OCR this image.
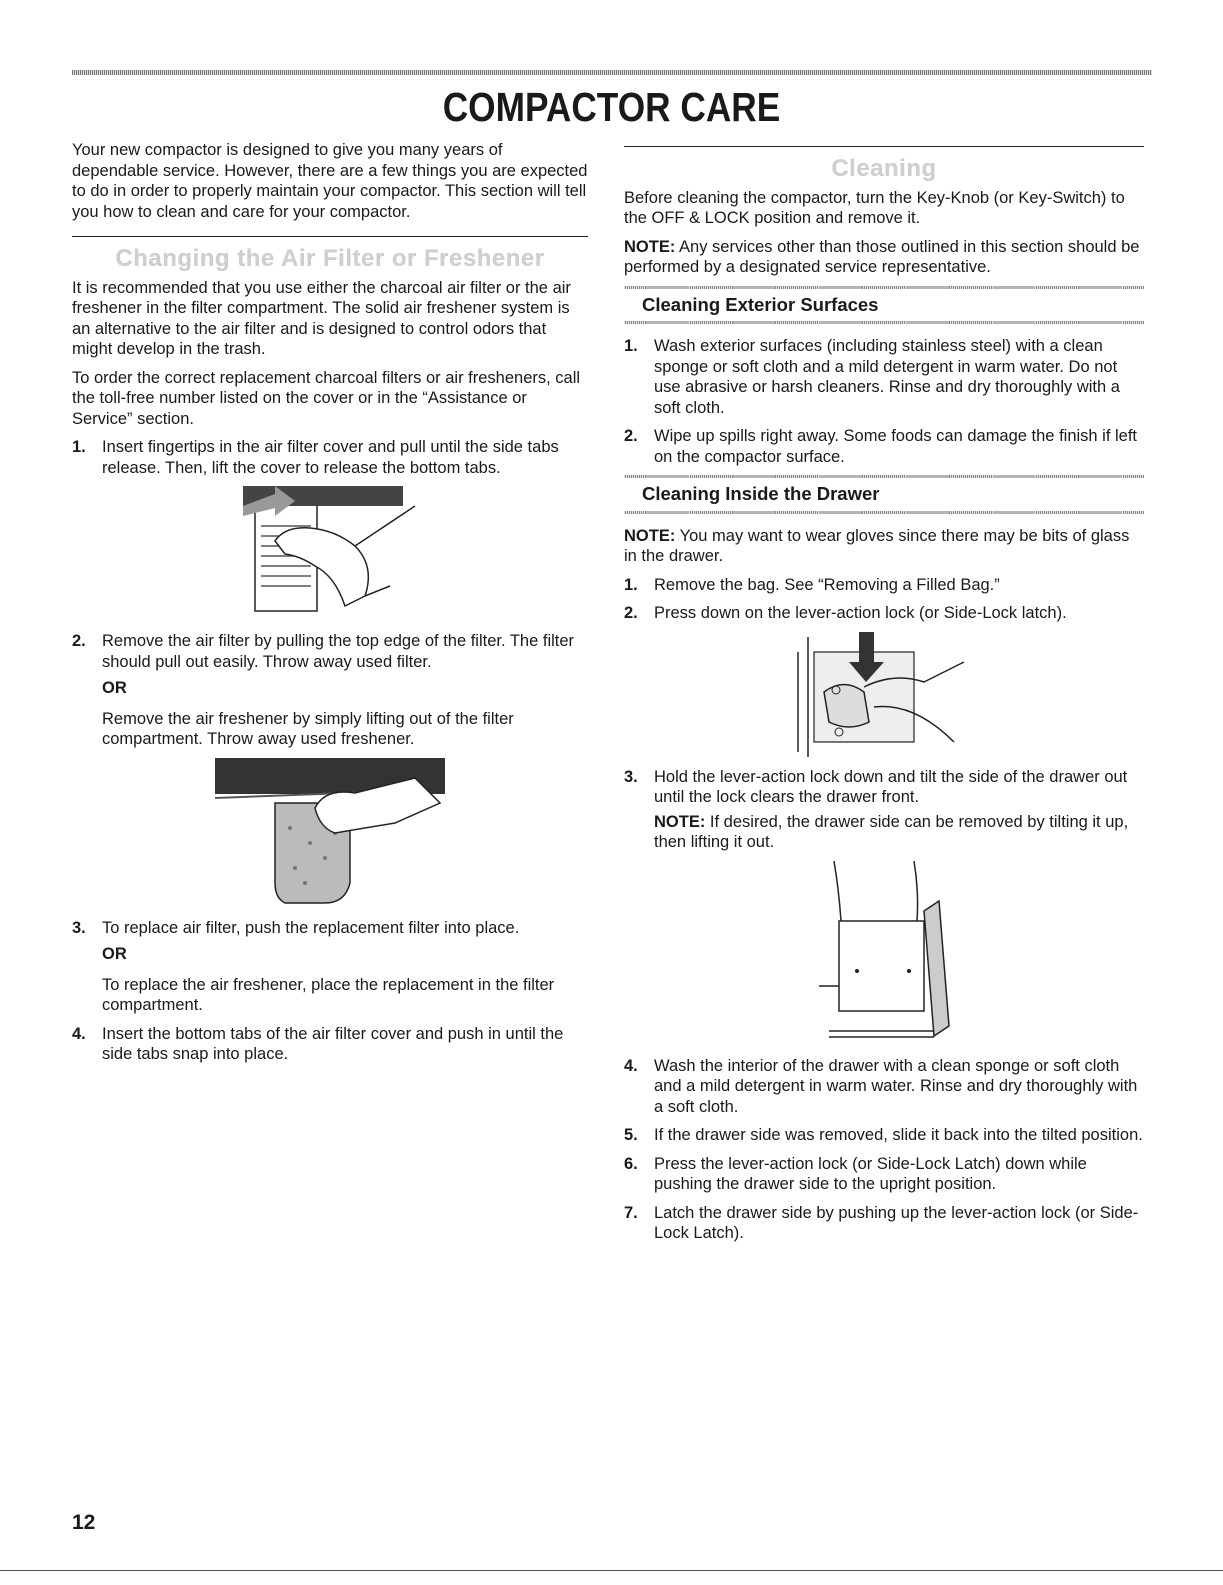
COMPACTOR CARE

Your new compactor is designed to give you many years of dependable service. However, there are a few things you are expected to do in order to properly maintain your compactor. This section will tell you how to clean and care for your compactor.

Changing the Air Filter or Freshener

It is recommended that you use either the charcoal air filter or the air freshener in the filter compartment. The solid air freshener system is an alternative to the air filter and is designed to control odors that might develop in the trash.

To order the correct replacement charcoal filters or air fresheners, call the toll-free number listed on the cover or in the “Assistance or Service” section.

1. Insert fingertips in the air filter cover and pull until the side tabs release. Then, lift the cover to release the bottom tabs.
2. Remove the air filter by pulling the top edge of the filter. The filter should pull out easily. Throw away used filter.
OR
Remove the air freshener by simply lifting out of the filter compartment. Throw away used freshener.
3. To replace air filter, push the replacement filter into place.
OR
To replace the air freshener, place the replacement in the filter compartment.
4. Insert the bottom tabs of the air filter cover and push in until the side tabs snap into place.
Cleaning

Before cleaning the compactor, turn the Key-Knob (or Key-Switch) to the OFF & LOCK position and remove it.

NOTE: Any services other than those outlined in this section should be performed by a designated service representative.

Cleaning Exterior Surfaces
1. Wash exterior surfaces (including stainless steel) with a clean sponge or soft cloth and a mild detergent in warm water. Do not use abrasive or harsh cleaners. Rinse and dry thoroughly with a soft cloth.
2. Wipe up spills right away. Some foods can damage the finish if left on the compactor surface.
Cleaning Inside the Drawer

NOTE: You may want to wear gloves since there may be bits of glass in the drawer.

1. Remove the bag. See “Removing a Filled Bag.”
2. Press down on the lever-action lock (or Side-Lock latch).
3. Hold the lever-action lock down and tilt the side of the drawer out until the lock clears the drawer front.
NOTE: If desired, the drawer side can be removed by tilting it up, then lifting it out.
4. Wash the interior of the drawer with a clean sponge or soft cloth and a mild detergent in warm water. Rinse and dry thoroughly with a soft cloth.
5. If the drawer side was removed, slide it back into the tilted position.
6. Press the lever-action lock (or Side-Lock Latch) down while pushing the drawer side to the upright position.
7. Latch the drawer side by pushing up the lever-action lock (or Side-Lock Latch).
12
